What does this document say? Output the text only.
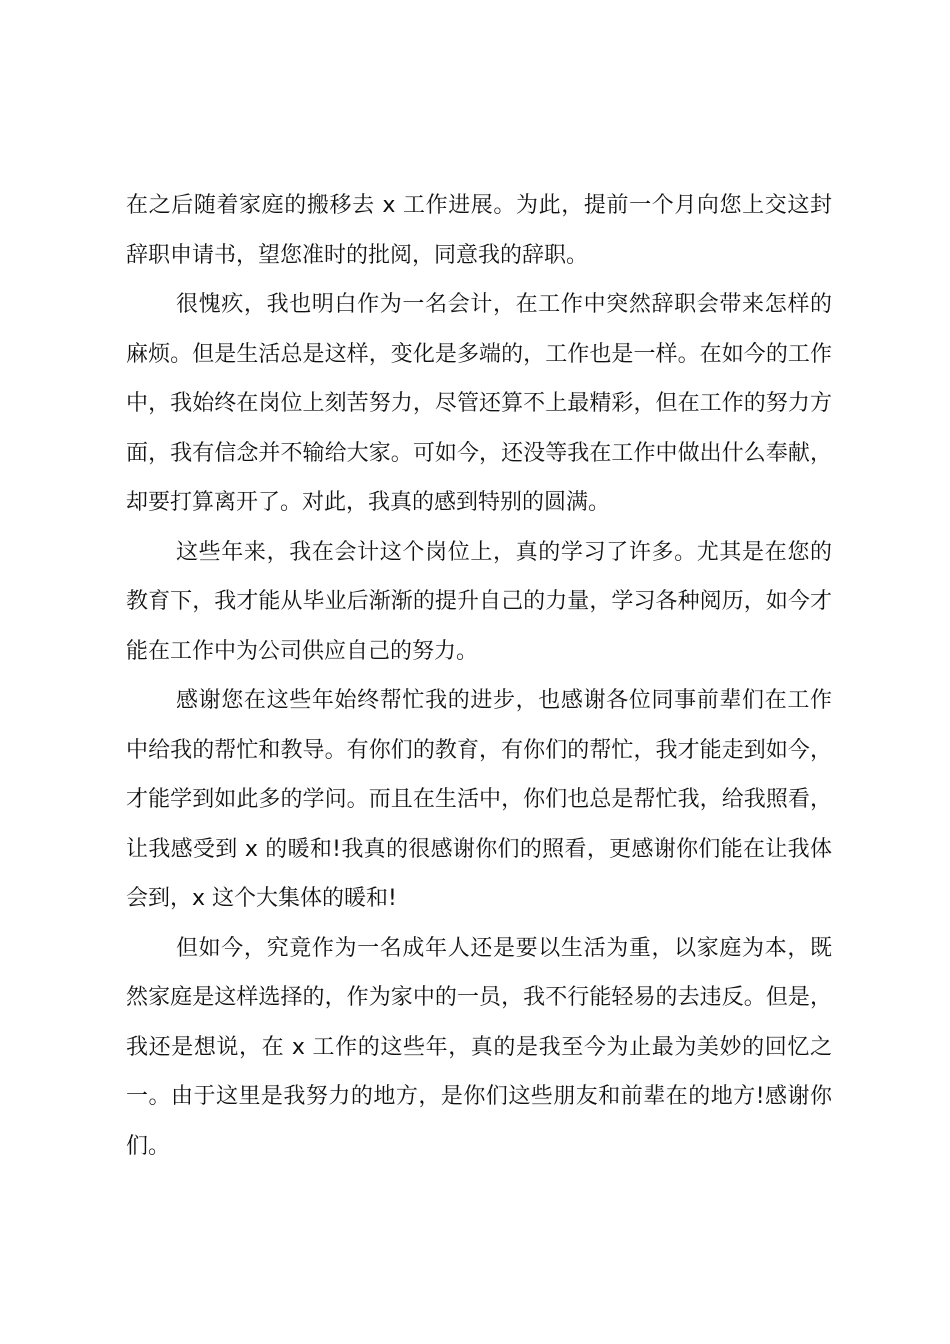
在之后随着家庭的搬移去 x 工作进展。为此，提前一个月向您上交这封辞职申请书，望您准时的批阅，同意我的辞职。

很愧疚，我也明白作为一名会计，在工作中突然辞职会带来怎样的麻烦。但是生活总是这样，变化是多端的，工作也是一样。在如今的工作中，我始终在岗位上刻苦努力，尽管还算不上最精彩，但在工作的努力方面，我有信念并不输给大家。可如今，还没等我在工作中做出什么奉献，却要打算离开了。对此，我真的感到特别的圆满。

这些年来，我在会计这个岗位上，真的学习了许多。尤其是在您的教育下，我才能从毕业后渐渐的提升自己的力量，学习各种阅历，如今才能在工作中为公司供应自己的努力。

感谢您在这些年始终帮忙我的进步，也感谢各位同事前辈们在工作中给我的帮忙和教导。有你们的教育，有你们的帮忙，我才能走到如今，才能学到如此多的学问。而且在生活中，你们也总是帮忙我，给我照看，让我感受到 x 的暖和!我真的很感谢你们的照看，更感谢你们能在让我体会到，x 这个大集体的暖和!

但如今，究竟作为一名成年人还是要以生活为重，以家庭为本，既然家庭是这样选择的，作为家中的一员，我不行能轻易的去违反。但是，我还是想说，在 x 工作的这些年，真的是我至今为止最为美妙的回忆之一。由于这里是我努力的地方，是你们这些朋友和前辈在的地方!感谢你们。
